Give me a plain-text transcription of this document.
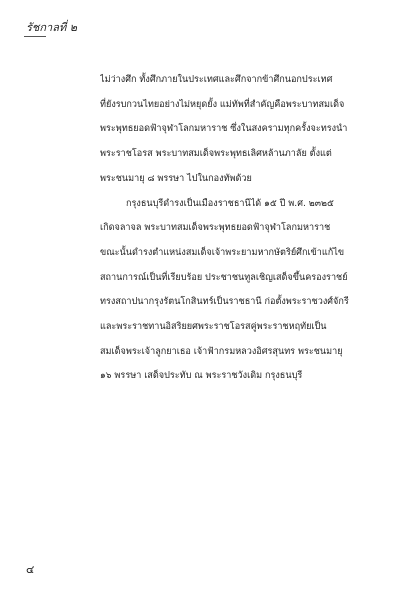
รัชกาลที่ ๒
ไม่ว่างศึก ทั้งศึกภายในประเทศและศึกจากข้าศึกนอกประเทศ
ที่ยังรบกวนไทยอย่างไม่หยุดยั้ง แม่ทัพที่สำคัญคือพระบาทสมเด็จ
พระพุทธยอดฟ้าจุฬาโลกมหาราช ซึ่งในสงครามทุกครั้งจะทรงนำ
พระราชโอรส พระบาทสมเด็จพระพุทธเลิศหล้านภาลัย ตั้งแต่
พระชนมายุ ๘ พรรษา ไปในกองทัพด้วย
กรุงธนบุรีดำรงเป็นเมืองราชธานีได้ ๑๕ ปี พ.ศ. ๒๓๒๕
เกิดจลาจล พระบาทสมเด็จพระพุทธยอดฟ้าจุฬาโลกมหาราช
ขณะนั้นดำรงตำแหน่งสมเด็จเจ้าพระยามหากษัตริย์ศึกเข้าแก้ไข
สถานการณ์เป็นที่เรียบร้อย ประชาชนทูลเชิญเสด็จขึ้นครองราชย์
ทรงสถาปนากรุงรัตนโกสินทร์เป็นราชธานี ก่อตั้งพระราชวงศ์จักรี
และพระราชทานอิสริยยศพระราชโอรสคู่พระราชหฤทัยเป็น
สมเด็จพระเจ้าลูกยาเธอ เจ้าฟ้ากรมหลวงอิศรสุนทร พระชนมายุ
๑๖ พรรษา เสด็จประทับ ณ พระราชวังเดิม กรุงธนบุรี
๔
